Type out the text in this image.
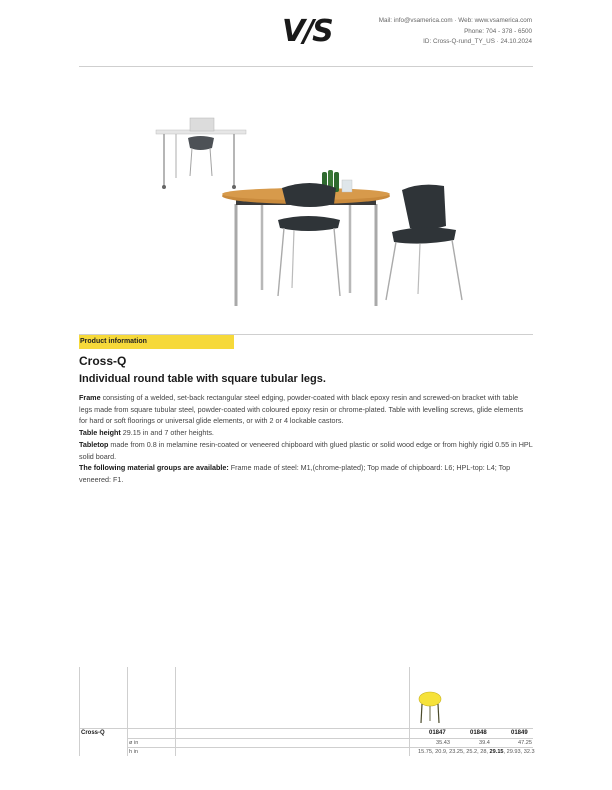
V/S	Mail: info@vsamerica.com · Web: www.vsamerica.com
Phone: 704 - 378 - 6500
ID: Cross-Q-rund_TY_US · 24.10.2024
Product information
Cross-Q
Individual round table with square tubular legs.

Frame consisting of a welded, set-back rectangular steel edging, powder-coated with black epoxy resin and screwed-on bracket with table legs made from square tubular steel, powder-coated with coloured epoxy resin or chrome-plated. Table with levelling screws, glide elements for hard or soft floorings or universal glide elements, or with 2 or 4 lockable castors.

Table height 29.15 in and 7 other heights.

Tabletop made from 0.8 in melamine resin-coated or veneered chipboard with glued plastic or solid wood edge or from highly rigid 0.55 in HPL solid board.

The following material groups are available: Frame made of steel: M1,(chrome-plated); Top made of chipboard: L6; HPL-top: L4; Top veneered: F1.

Cross-Q	01847	01848	01849
ø in	35.43	39.4	47.25
h in	15.75, 20.9, 23.25, 25.2, 28, 29.15, 29.93, 32.3
